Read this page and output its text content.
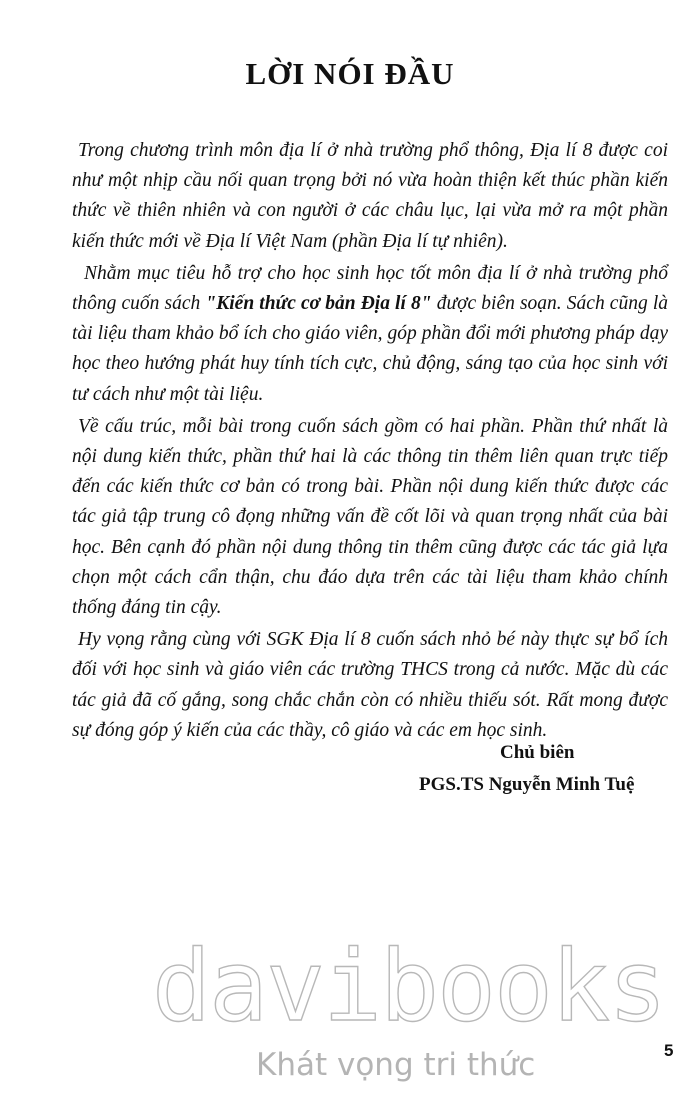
LỜI NÓI ĐẦU

Trong chương trình môn địa lí ở nhà trường phổ thông, Địa lí 8 được coi như một nhịp cầu nối quan trọng bởi nó vừa hoàn thiện kết thúc phần kiến thức về thiên nhiên và con người ở các châu lục, lại vừa mở ra một phần kiến thức mới về Địa lí Việt Nam (phần Địa lí tự nhiên).

Nhằm mục tiêu hỗ trợ cho học sinh học tốt môn địa lí ở nhà trường phổ thông cuốn sách "Kiến thức cơ bản Địa lí 8" được biên soạn. Sách cũng là tài liệu tham khảo bổ ích cho giáo viên, góp phần đổi mới phương pháp dạy học theo hướng phát huy tính tích cực, chủ động, sáng tạo của học sinh với tư cách như một tài liệu.

Về cấu trúc, mỗi bài trong cuốn sách gồm có hai phần. Phần thứ nhất là nội dung kiến thức, phần thứ hai là các thông tin thêm liên quan trực tiếp đến các kiến thức cơ bản có trong bài. Phần nội dung kiến thức được các tác giả tập trung cô đọng những vấn đề cốt lõi và quan trọng nhất của bài học. Bên cạnh đó phần nội dung thông tin thêm cũng được các tác giả lựa chọn một cách cẩn thận, chu đáo dựa trên các tài liệu tham khảo chính thống đáng tin cậy.

Hy vọng rằng cùng với SGK Địa lí 8 cuốn sách nhỏ bé này thực sự bổ ích đối với học sinh và giáo viên các trường THCS trong cả nước. Mặc dù các tác giả đã cố gắng, song chắc chắn còn có nhiều thiếu sót. Rất mong được sự đóng góp ý kiến của các thầy, cô giáo và các em học sinh.

Chủ biên
PGS.TS Nguyễn Minh Tuệ
davibooks
Khát vọng tri thức	5
